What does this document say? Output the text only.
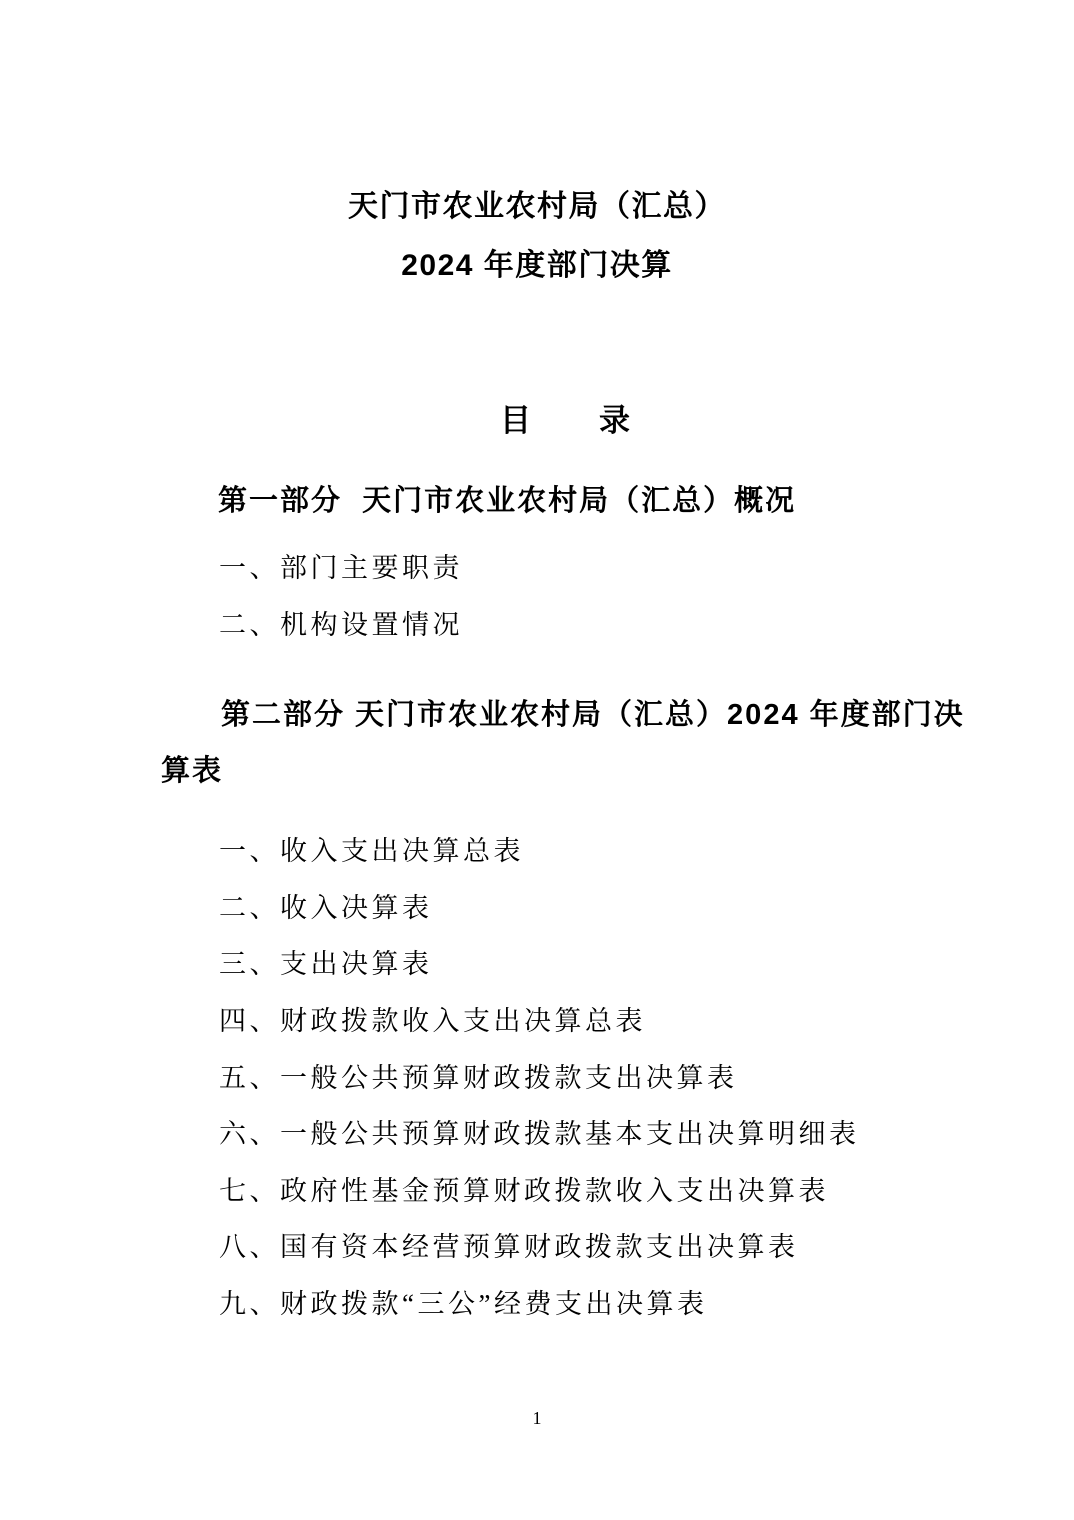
天门市农业农村局（汇总）
2024 年度部门决算
目　　录
第一部分  天门市农业农村局（汇总）概况
一、部门主要职责
二、机构设置情况
第二部分 天门市农业农村局（汇总）2024 年度部门决
算表
一、收入支出决算总表
二、收入决算表
三、支出决算表
四、财政拨款收入支出决算总表
五、一般公共预算财政拨款支出决算表
六、一般公共预算财政拨款基本支出决算明细表
七、政府性基金预算财政拨款收入支出决算表
八、国有资本经营预算财政拨款支出决算表
九、财政拨款“三公”经费支出决算表
1
